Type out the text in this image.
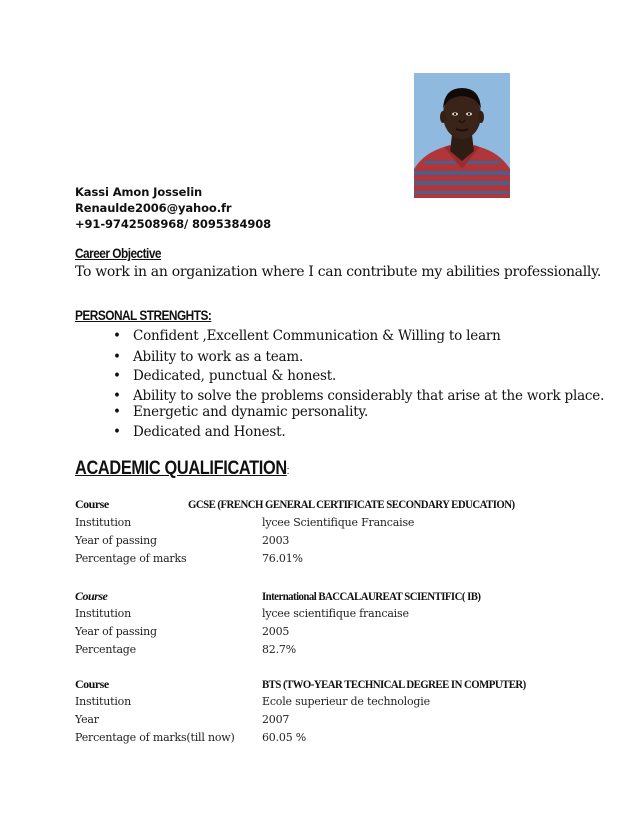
Kassi Amon Josselin
Renaulde2006@yahoo.fr
+91-9742508968/ 8095384908
Career Objective
To work in an organization where I can contribute my abilities professionally.
PERSONAL STRENGHTS:
• Confident ,Excellent Communication & Willing to learn
• Ability to work as a team.
• Dedicated, punctual & honest.
• Ability to solve the problems considerably that arise at the work place.
• Energetic and dynamic personality.
• Dedicated and Honest.
ACADEMIC QUALIFICATION:
Course	GCSE (FRENCH GENERAL CERTIFICATE SECONDARY EDUCATION)
Institution	lycee Scientifique Francaise
Year of passing	2003
Percentage of marks	76.01%
Course	International BACCALAUREAT SCIENTIFIC( IB)
Institution	lycee scientifique francaise
Year of passing	2005
Percentage	82.7%
Course	BTS (TWO-YEAR TECHNICAL DEGREE IN COMPUTER)
Institution	Ecole superieur de technologie
Year	2007
Percentage of marks(till now) 60.05 %
